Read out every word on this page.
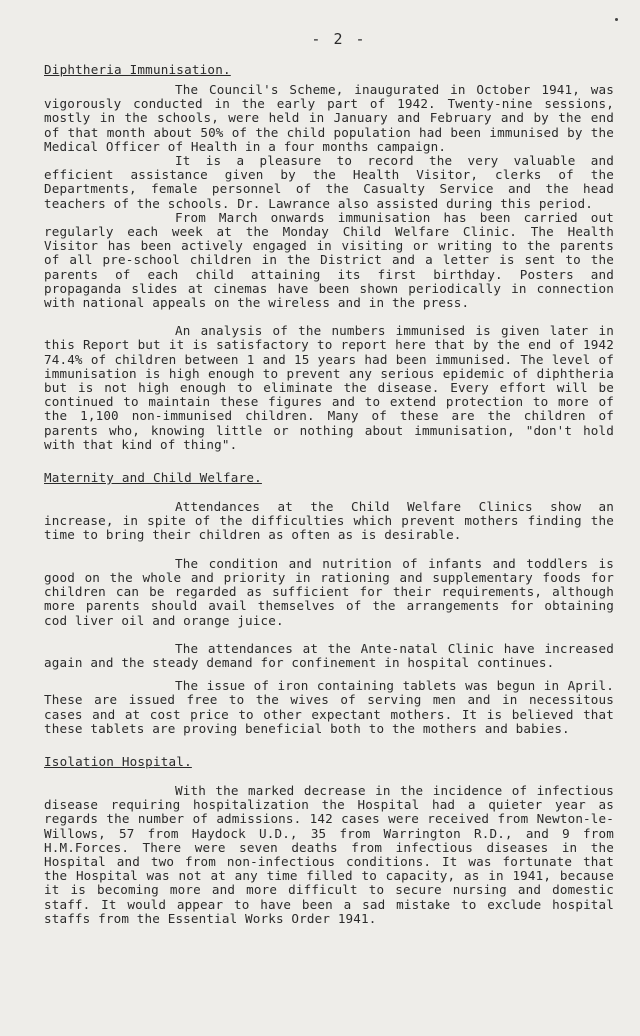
- 2 -
Diphtheria Immunisation.

The Council's Scheme, inaugurated in October 1941, was vigorously conducted in the early part of 1942. Twenty-nine sessions, mostly in the schools, were held in January and February and by the end of that month about 50% of the child population had been immunised by the Medical Officer of Health in a four months campaign.

It is a pleasure to record the very valuable and efficient assistance given by the Health Visitor, clerks of the Departments, female personnel of the Casualty Service and the head teachers of the schools. Dr. Lawrance also assisted during this period.

From March onwards immunisation has been carried out regularly each week at the Monday Child Welfare Clinic. The Health Visitor has been actively engaged in visiting or writing to the parents of all pre-school children in the District and a letter is sent to the parents of each child attaining its first birthday. Posters and propaganda slides at cinemas have been shown periodically in connection with national appeals on the wireless and in the press.

An analysis of the numbers immunised is given later in this Report but it is satisfactory to report here that by the end of 1942 74.4% of children between 1 and 15 years had been immunised. The level of immunisation is high enough to prevent any serious epidemic of diphtheria but is not high enough to eliminate the disease. Every effort will be continued to maintain these figures and to extend protection to more of the 1,100 non-immunised children. Many of these are the children of parents who, knowing little or nothing about immunisation, "don't hold with that kind of thing".

Maternity and Child Welfare.

Attendances at the Child Welfare Clinics show an increase, in spite of the difficulties which prevent mothers finding the time to bring their children as often as is desirable.

The condition and nutrition of infants and toddlers is good on the whole and priority in rationing and supplementary foods for children can be regarded as sufficient for their requirements, although more parents should avail themselves of the arrangements for obtaining cod liver oil and orange juice.

The attendances at the Ante-natal Clinic have increased again and the steady demand for confinement in hospital continues.

The issue of iron containing tablets was begun in April. These are issued free to the wives of serving men and in necessitous cases and at cost price to other expectant mothers. It is believed that these tablets are proving beneficial both to the mothers and babies.

Isolation Hospital.

With the marked decrease in the incidence of infectious disease requiring hospitalization the Hospital had a quieter year as regards the number of admissions. 142 cases were received from Newton-le-Willows, 57 from Haydock U.D., 35 from Warrington R.D., and 9 from H.M.Forces. There were seven deaths from infectious diseases in the Hospital and two from non-infectious conditions. It was fortunate that the Hospital was not at any time filled to capacity, as in 1941, because it is becoming more and more difficult to secure nursing and domestic staff. It would appear to have been a sad mistake to exclude hospital staffs from the Essential Works Order 1941.
